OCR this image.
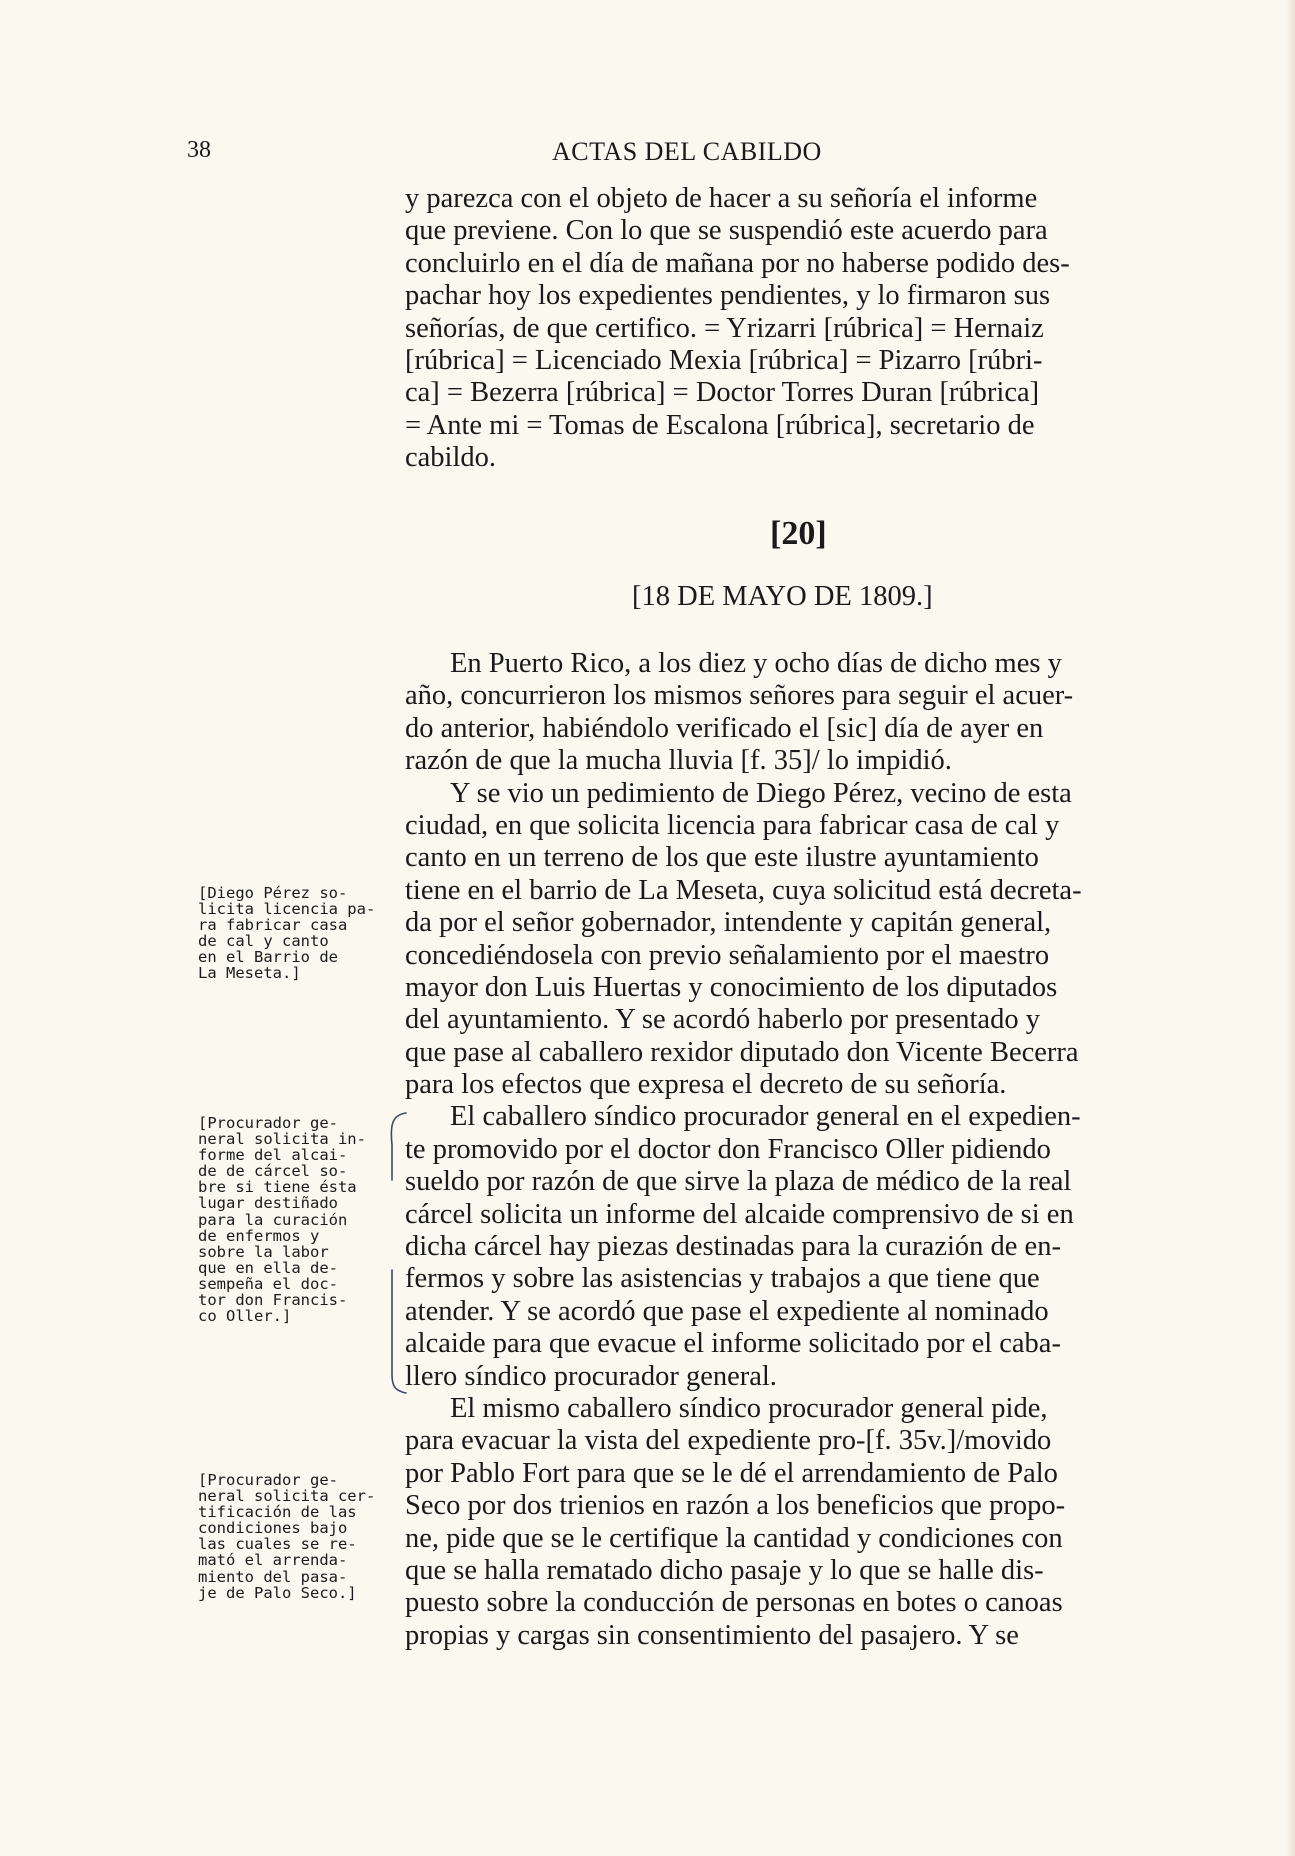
38	ACTAS DEL CABILDO
y parezca con el objeto de hacer a su señoría el informe
que previene. Con lo que se suspendió este acuerdo para
concluirlo en el día de mañana por no haberse podido des-
pachar hoy los expedientes pendientes, y lo firmaron sus
señorías, de que certifico. = Yrizarri [rúbrica] = Hernaiz
[rúbrica] = Licenciado Mexia [rúbrica] = Pizarro [rúbri-
ca] = Bezerra [rúbrica] = Doctor Torres Duran [rúbrica]
= Ante mi = Tomas de Escalona [rúbrica], secretario de
cabildo.
[20]
[18 DE MAYO DE 1809.]
En Puerto Rico, a los diez y ocho días de dicho mes y
año, concurrieron los mismos señores para seguir el acuer-
do anterior, habiéndolo verificado el [sic] día de ayer en
razón de que la mucha lluvia [f. 35]/ lo impidió.
Y se vio un pedimiento de Diego Pérez, vecino de esta
ciudad, en que solicita licencia para fabricar casa de cal y
canto en un terreno de los que este ilustre ayuntamiento
tiene en el barrio de La Meseta, cuya solicitud está decreta-
da por el señor gobernador, intendente y capitán general,
concediéndosela con previo señalamiento por el maestro
mayor don Luis Huertas y conocimiento de los diputados
del ayuntamiento. Y se acordó haberlo por presentado y
que pase al caballero rexidor diputado don Vicente Becerra
para los efectos que expresa el decreto de su señoría.
El caballero síndico procurador general en el expedien-
te promovido por el doctor don Francisco Oller pidiendo
sueldo por razón de que sirve la plaza de médico de la real
cárcel solicita un informe del alcaide comprensivo de si en
dicha cárcel hay piezas destinadas para la curazión de en-
fermos y sobre las asistencias y trabajos a que tiene que
atender. Y se acordó que pase el expediente al nominado
alcaide para que evacue el informe solicitado por el caba-
llero síndico procurador general.
El mismo caballero síndico procurador general pide,
para evacuar la vista del expediente pro-[f. 35v.]/movido
por Pablo Fort para que se le dé el arrendamiento de Palo
Seco por dos trienios en razón a los beneficios que propo-
ne, pide que se le certifique la cantidad y condiciones con
que se halla rematado dicho pasaje y lo que se halle dis-
puesto sobre la conducción de personas en botes o canoas
propias y cargas sin consentimiento del pasajero. Y se
[Diego Pérez so-
licita licencia pa-
ra fabricar casa
de cal y canto
en el Barrio de
La Meseta.]
[Procurador ge-
neral solicita in-
forme del alcai-
de de cárcel so-
bre si tiene ésta
lugar destiñado
para la curación
de enfermos y
sobre la labor
que en ella de-
sempeña el doc-
tor don Francis-
co Oller.]
[Procurador ge-
neral solicita cer-
tificación de las
condiciones bajo
las cuales se re-
mató el arrenda-
miento del pasa-
je de Palo Seco.]
